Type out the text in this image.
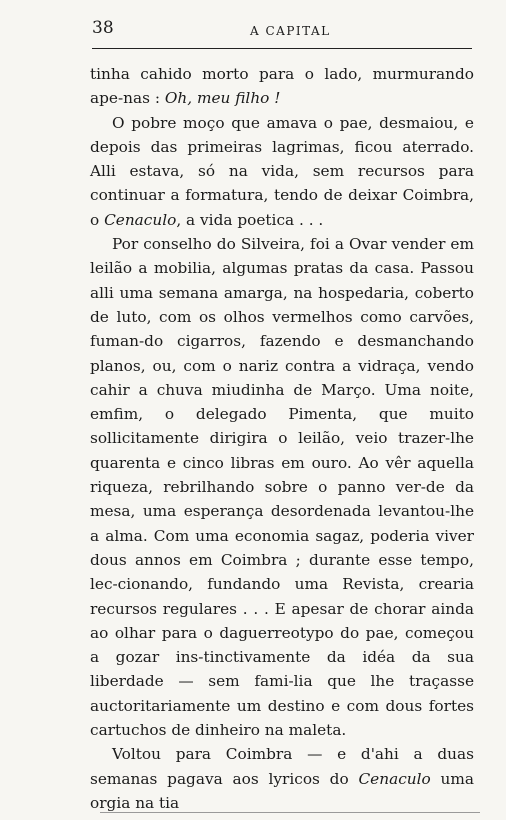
38	A CAPITAL

tinha cahido morto para o lado, murmurando ape-nas : Oh, meu filho !

O pobre moço que amava o pae, desmaiou, e depois das primeiras lagrimas, ficou aterrado. Alli estava, só na vida, sem recursos para continuar a formatura, tendo de deixar Coimbra, o Cenaculo, a vida poetica . . .

Por conselho do Silveira, foi a Ovar vender em leilão a mobilia, algumas pratas da casa. Passou alli uma semana amarga, na hospedaria, coberto de luto, com os olhos vermelhos como carvões, fuman-do cigarros, fazendo e desmanchando planos, ou, com o nariz contra a vidraça, vendo cahir a chuva miudinha de Março. Uma noite, emfim, o delegado Pimenta, que muito sollicitamente dirigira o leilão, veio trazer-lhe quarenta e cinco libras em ouro. Ao vêr aquella riqueza, rebrilhando sobre o panno ver-de da mesa, uma esperança desordenada levantou-lhe a alma. Com uma economia sagaz, poderia viver dous annos em Coimbra ; durante esse tempo, lec-cionando, fundando uma Revista, crearia recursos regulares . . . E apesar de chorar ainda ao olhar para o daguerreotypo do pae, começou a gozar ins-tinctivamente da idéa da sua liberdade — sem fami-lia que lhe traçasse auctoritariamente um destino e com dous fortes cartuchos de dinheiro na maleta.

Voltou para Coimbra — e d'ahi a duas semanas pagava aos lyricos do Cenaculo uma orgia na tia
